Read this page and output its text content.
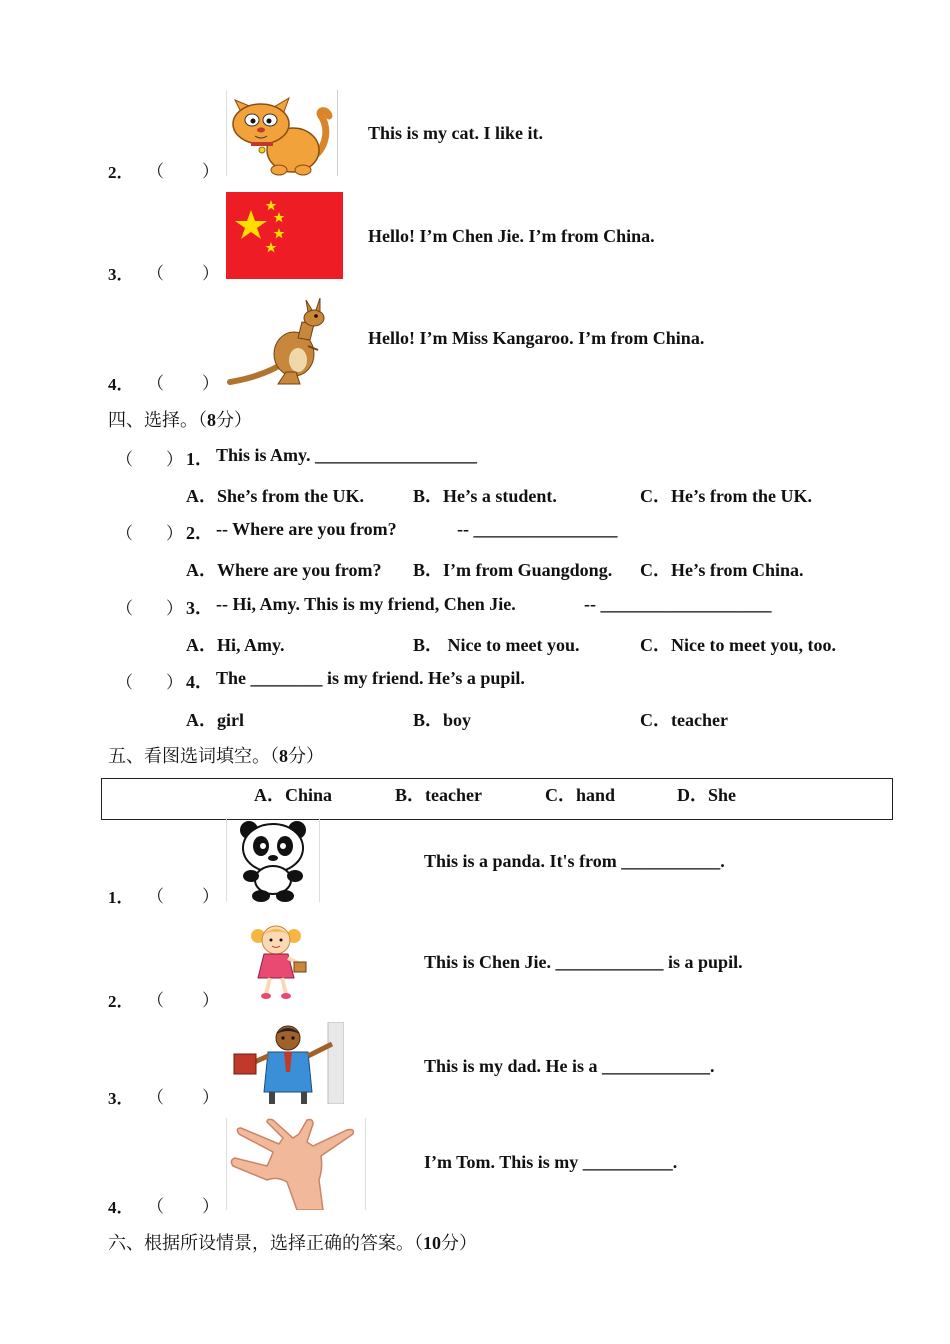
2． （ ）
This is my cat. I like it.
3． （ ）
Hello! I’m Chen Jie. I’m from China.
4． （ ）
Hello! I’m Miss Kangaroo. I’m from China.
四、选择。（8分）
（ ） 1． This is Amy. __________________
A．She’s from the UK.	B．He’s a student.	C．He’s from the UK.
（ ） 2． -- Where are you from?	-- ________________
A．Where are you from? B．I’m from Guangdong. C．He’s from China.
（ ） 3． -- Hi, Amy. This is my friend, Chen Jie.	-- ___________________
A．Hi, Amy.	B． Nice to meet you.	C．Nice to meet you, too.
（ ） 4． The ________ is my friend. He’s a pupil.
A．girl	B．boy	C．teacher
五、看图选词填空。（8分）
A．China	B．teacher	C．hand	D．She
1． （ ）
This is a panda. It's from ___________.
2． （ ）
This is Chen Jie. ____________ is a pupil.
3． （ ）
This is my dad. He is a ____________.
4． （ ）
I’m Tom. This is my __________.
六、根据所设情景，选择正确的答案。（10分）
